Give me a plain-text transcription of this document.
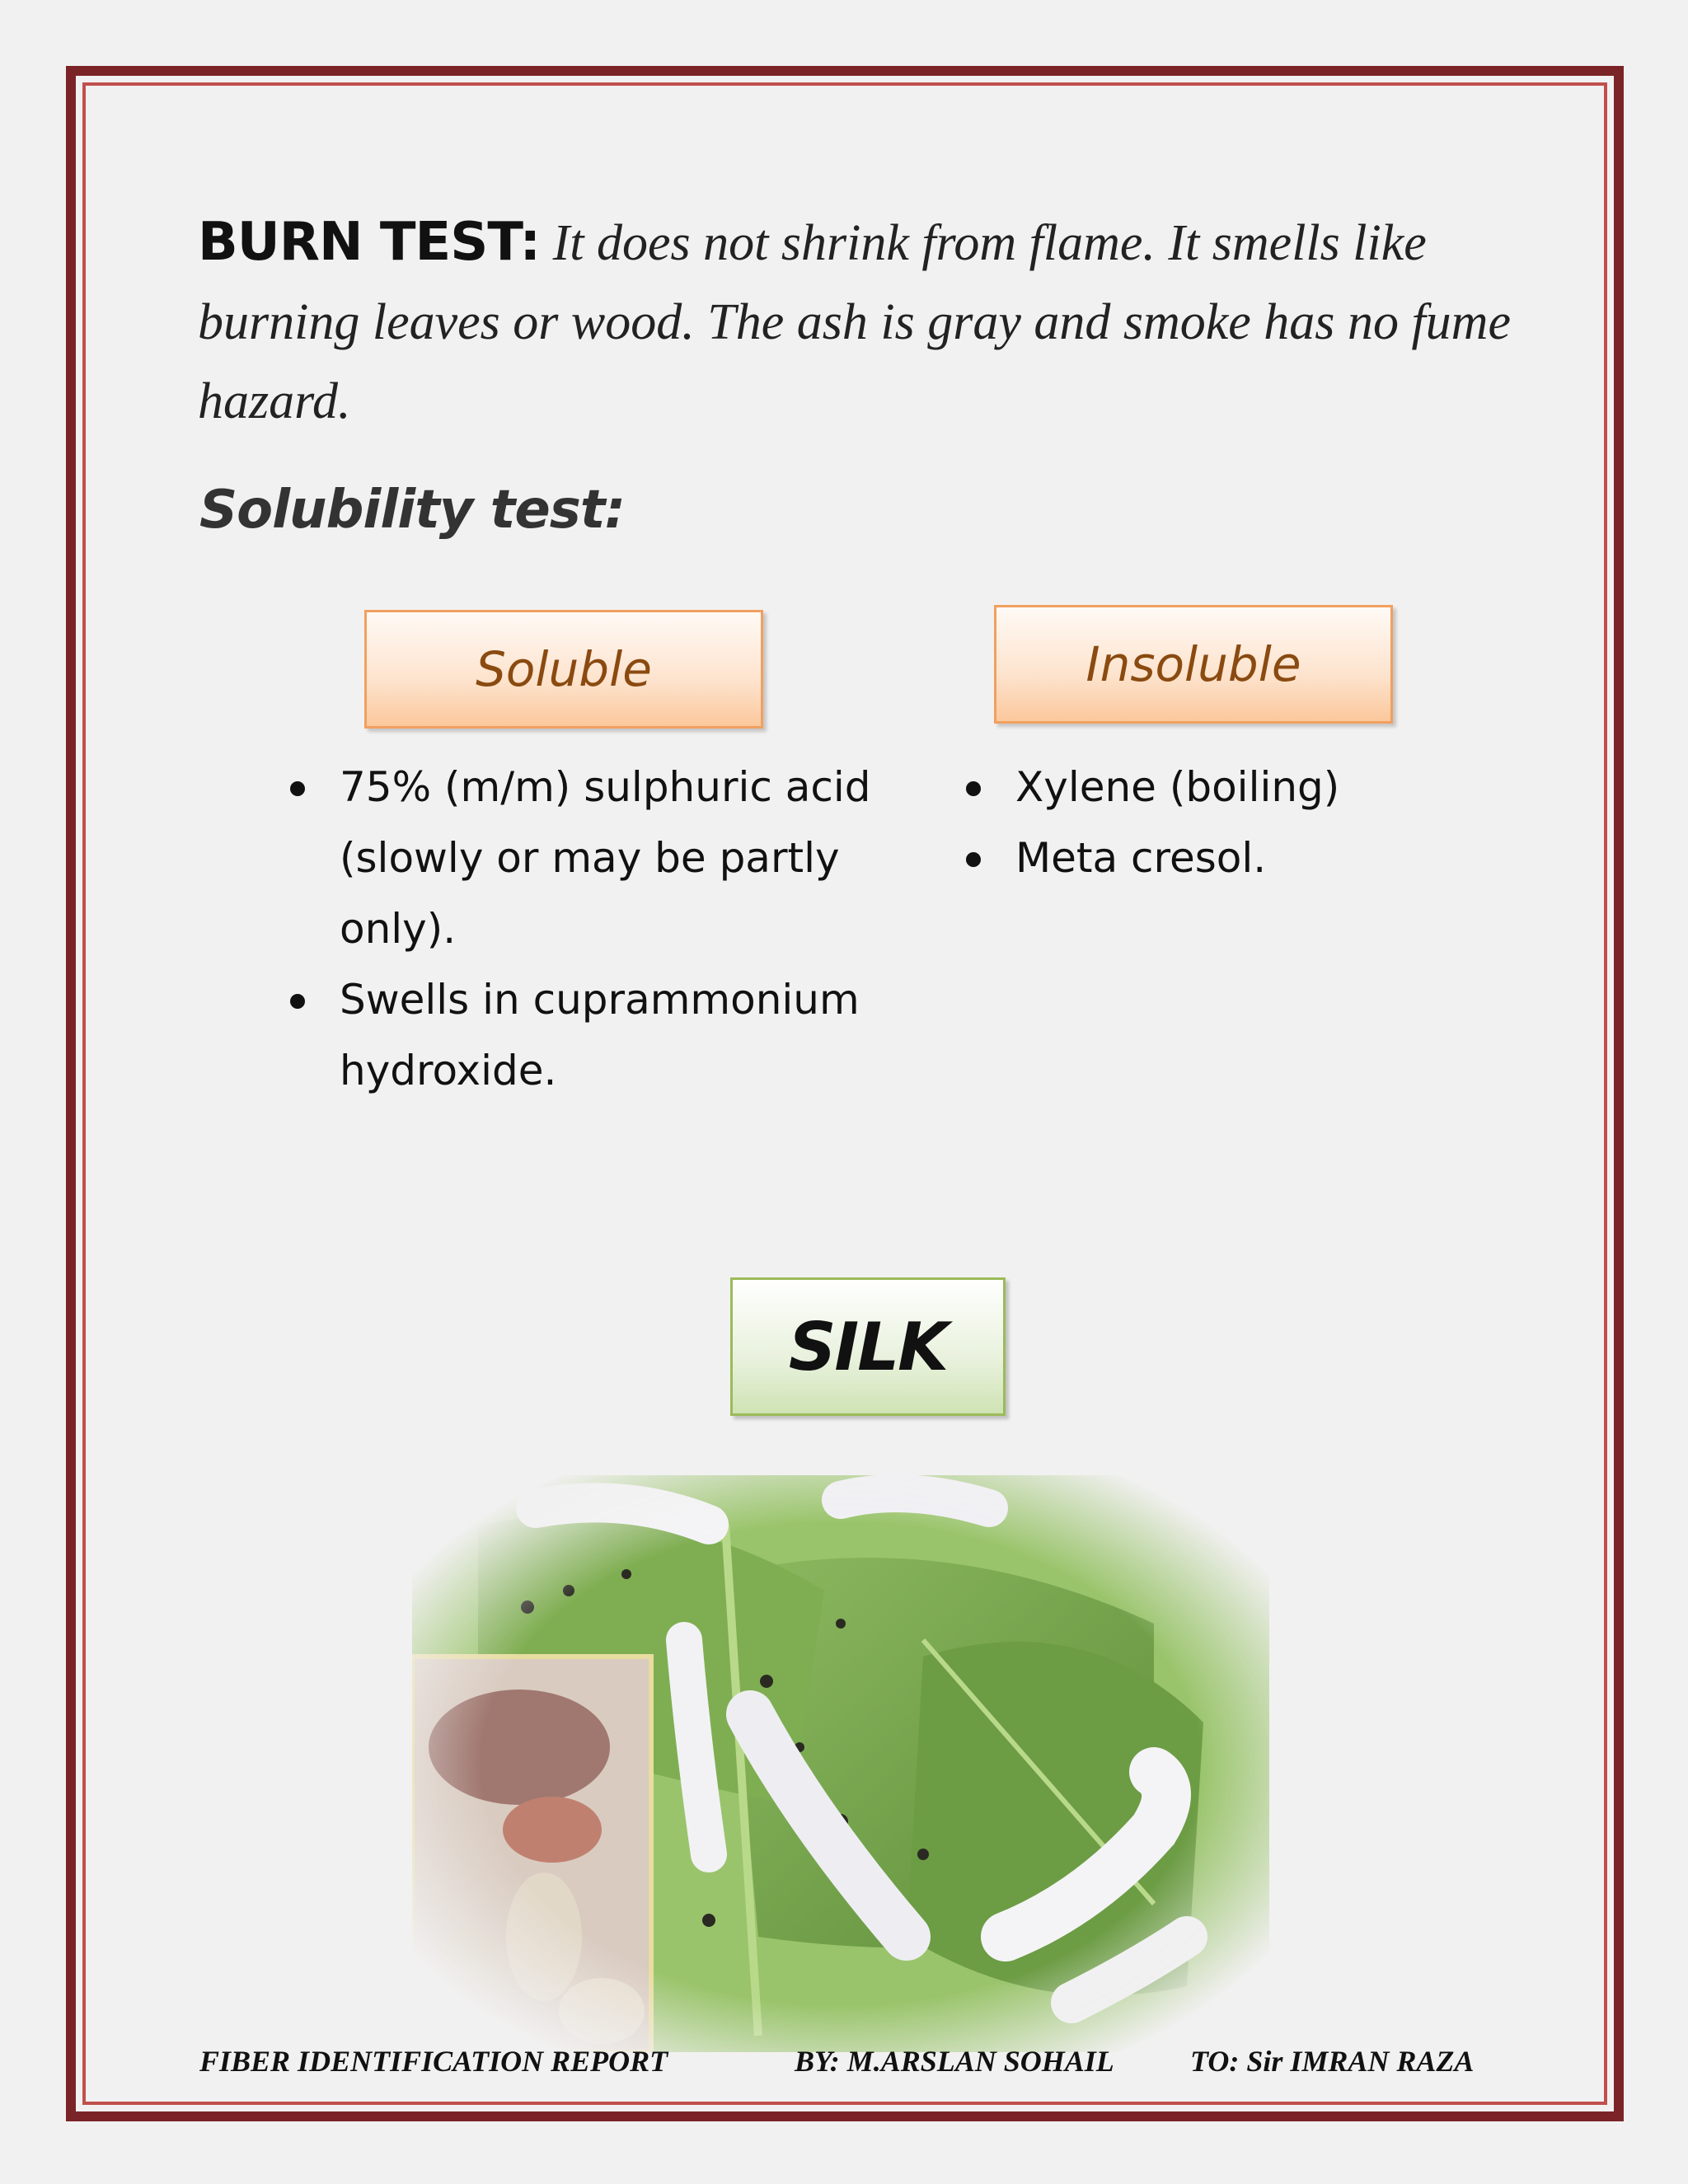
BURN TEST: It does not shrink from flame. It smells like burning leaves or wood. The ash is gray and smoke has no fume hazard.
Solubility test:
Soluble	Insoluble
75% (m/m) sulphuric acid (slowly or may be partly only).
Swells in cuprammonium hydroxide.
Xylene (boiling)
Meta cresol.
SILK
FIBER IDENTIFICATION REPORT	BY: M.ARSLAN SOHAIL	TO: Sir IMRAN RAZA
